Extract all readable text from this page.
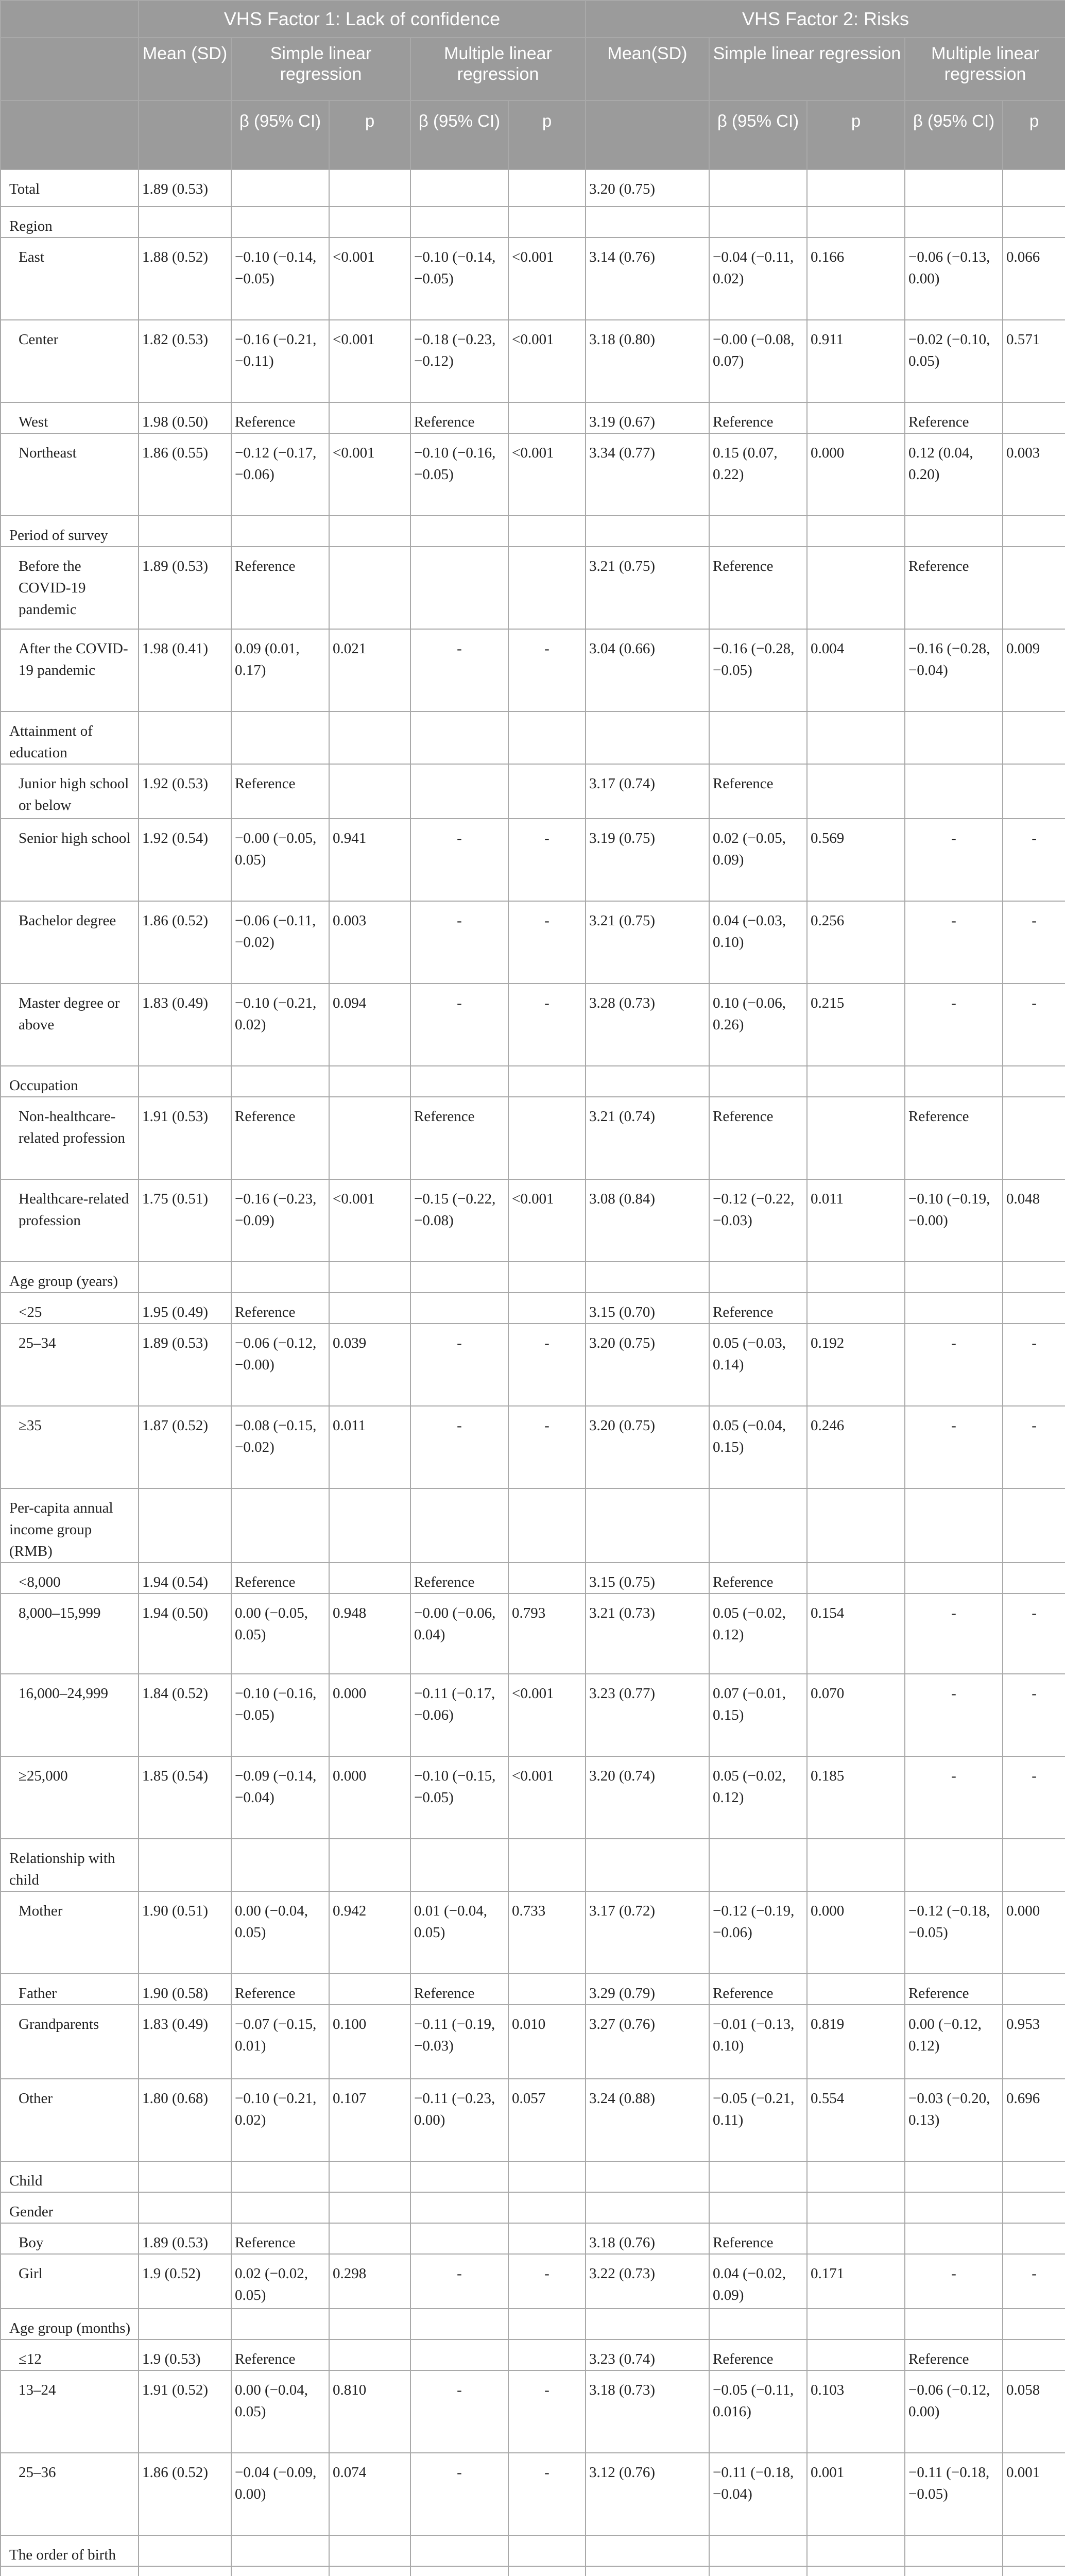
	VHS Factor 1: Lack of confidence					VHS Factor 2: Risks				
	Mean (SD)	Simple linear regression		Multiple linear regression		Mean(SD)	Simple linear regression		Multiple linear regression	
		β (95% CI)	p	β (95% CI)	p		β (95% CI)	p	β (95% CI)	p
Total	1.89 (0.53)					3.20 (0.75)				
Region										
East	1.88 (0.52)	−0.10 (−0.14, −0.05)	<0.001	−0.10 (−0.14, −0.05)	<0.001	3.14 (0.76)	−0.04 (−0.11, 0.02)	0.166	−0.06 (−0.13, 0.00)	0.066
Center	1.82 (0.53)	−0.16 (−0.21, −0.11)	<0.001	−0.18 (−0.23, −0.12)	<0.001	3.18 (0.80)	−0.00 (−0.08, 0.07)	0.911	−0.02 (−0.10, 0.05)	0.571
West	1.98 (0.50)	Reference		Reference		3.19 (0.67)	Reference		Reference	
Northeast	1.86 (0.55)	−0.12 (−0.17, −0.06)	<0.001	−0.10 (−0.16, −0.05)	<0.001	3.34 (0.77)	0.15 (0.07, 0.22)	0.000	0.12 (0.04, 0.20)	0.003
Period of survey										
Before the COVID-19 pandemic	1.89 (0.53)	Reference				3.21 (0.75)	Reference		Reference	
After the COVID-19 pandemic	1.98 (0.41)	0.09 (0.01, 0.17)	0.021	-	-	3.04 (0.66)	−0.16 (−0.28, −0.05)	0.004	−0.16 (−0.28, −0.04)	0.009
Attainment of education										
Junior high school or below	1.92 (0.53)	Reference				3.17 (0.74)	Reference			
Senior high school	1.92 (0.54)	−0.00 (−0.05, 0.05)	0.941	-	-	3.19 (0.75)	0.02 (−0.05, 0.09)	0.569	-	-
Bachelor degree	1.86 (0.52)	−0.06 (−0.11, −0.02)	0.003	-	-	3.21 (0.75)	0.04 (−0.03, 0.10)	0.256	-	-
Master degree or above	1.83 (0.49)	−0.10 (−0.21, 0.02)	0.094	-	-	3.28 (0.73)	0.10 (−0.06, 0.26)	0.215	-	-
Occupation										
Non-healthcare-related profession	1.91 (0.53)	Reference		Reference		3.21 (0.74)	Reference		Reference	
Healthcare-related profession	1.75 (0.51)	−0.16 (−0.23, −0.09)	<0.001	−0.15 (−0.22, −0.08)	<0.001	3.08 (0.84)	−0.12 (−0.22, −0.03)	0.011	−0.10 (−0.19, −0.00)	0.048
Age group (years)										
<25	1.95 (0.49)	Reference				3.15 (0.70)	Reference			
25–34	1.89 (0.53)	−0.06 (−0.12, −0.00)	0.039	-	-	3.20 (0.75)	0.05 (−0.03, 0.14)	0.192	-	-
≥35	1.87 (0.52)	−0.08 (−0.15, −0.02)	0.011	-	-	3.20 (0.75)	0.05 (−0.04, 0.15)	0.246	-	-
Per-capita annual income group (RMB)										
<8,000	1.94 (0.54)	Reference		Reference		3.15 (0.75)	Reference			
8,000–15,999	1.94 (0.50)	0.00 (−0.05, 0.05)	0.948	−0.00 (−0.06, 0.04)	0.793	3.21 (0.73)	0.05 (−0.02, 0.12)	0.154	-	-
16,000–24,999	1.84 (0.52)	−0.10 (−0.16, −0.05)	0.000	−0.11 (−0.17, −0.06)	<0.001	3.23 (0.77)	0.07 (−0.01, 0.15)	0.070	-	-
≥25,000	1.85 (0.54)	−0.09 (−0.14, −0.04)	0.000	−0.10 (−0.15, −0.05)	<0.001	3.20 (0.74)	0.05 (−0.02, 0.12)	0.185	-	-
Relationship with child										
Mother	1.90 (0.51)	0.00 (−0.04, 0.05)	0.942	0.01 (−0.04, 0.05)	0.733	3.17 (0.72)	−0.12 (−0.19, −0.06)	0.000	−0.12 (−0.18, −0.05)	0.000
Father	1.90 (0.58)	Reference		Reference		3.29 (0.79)	Reference		Reference	
Grandparents	1.83 (0.49)	−0.07 (−0.15, 0.01)	0.100	−0.11 (−0.19, −0.03)	0.010	3.27 (0.76)	−0.01 (−0.13, 0.10)	0.819	0.00 (−0.12, 0.12)	0.953
Other	1.80 (0.68)	−0.10 (−0.21, 0.02)	0.107	−0.11 (−0.23, 0.00)	0.057	3.24 (0.88)	−0.05 (−0.21, 0.11)	0.554	−0.03 (−0.20, 0.13)	0.696
Child										
Gender										
Boy	1.89 (0.53)	Reference				3.18 (0.76)	Reference			
Girl	1.9 (0.52)	0.02 (−0.02, 0.05)	0.298	-	-	3.22 (0.73)	0.04 (−0.02, 0.09)	0.171	-	-
Age group (months)										
≤12	1.9 (0.53)	Reference				3.23 (0.74)	Reference		Reference	
13–24	1.91 (0.52)	0.00 (−0.04, 0.05)	0.810	-	-	3.18 (0.73)	−0.05 (−0.11, 0.016)	0.103	−0.06 (−0.12, 0.00)	0.058
25–36	1.86 (0.52)	−0.04 (−0.09, 0.00)	0.074	-	-	3.12 (0.76)	−0.11 (−0.18, −0.04)	0.001	−0.11 (−0.18, −0.05)	0.001
The order of birth										
